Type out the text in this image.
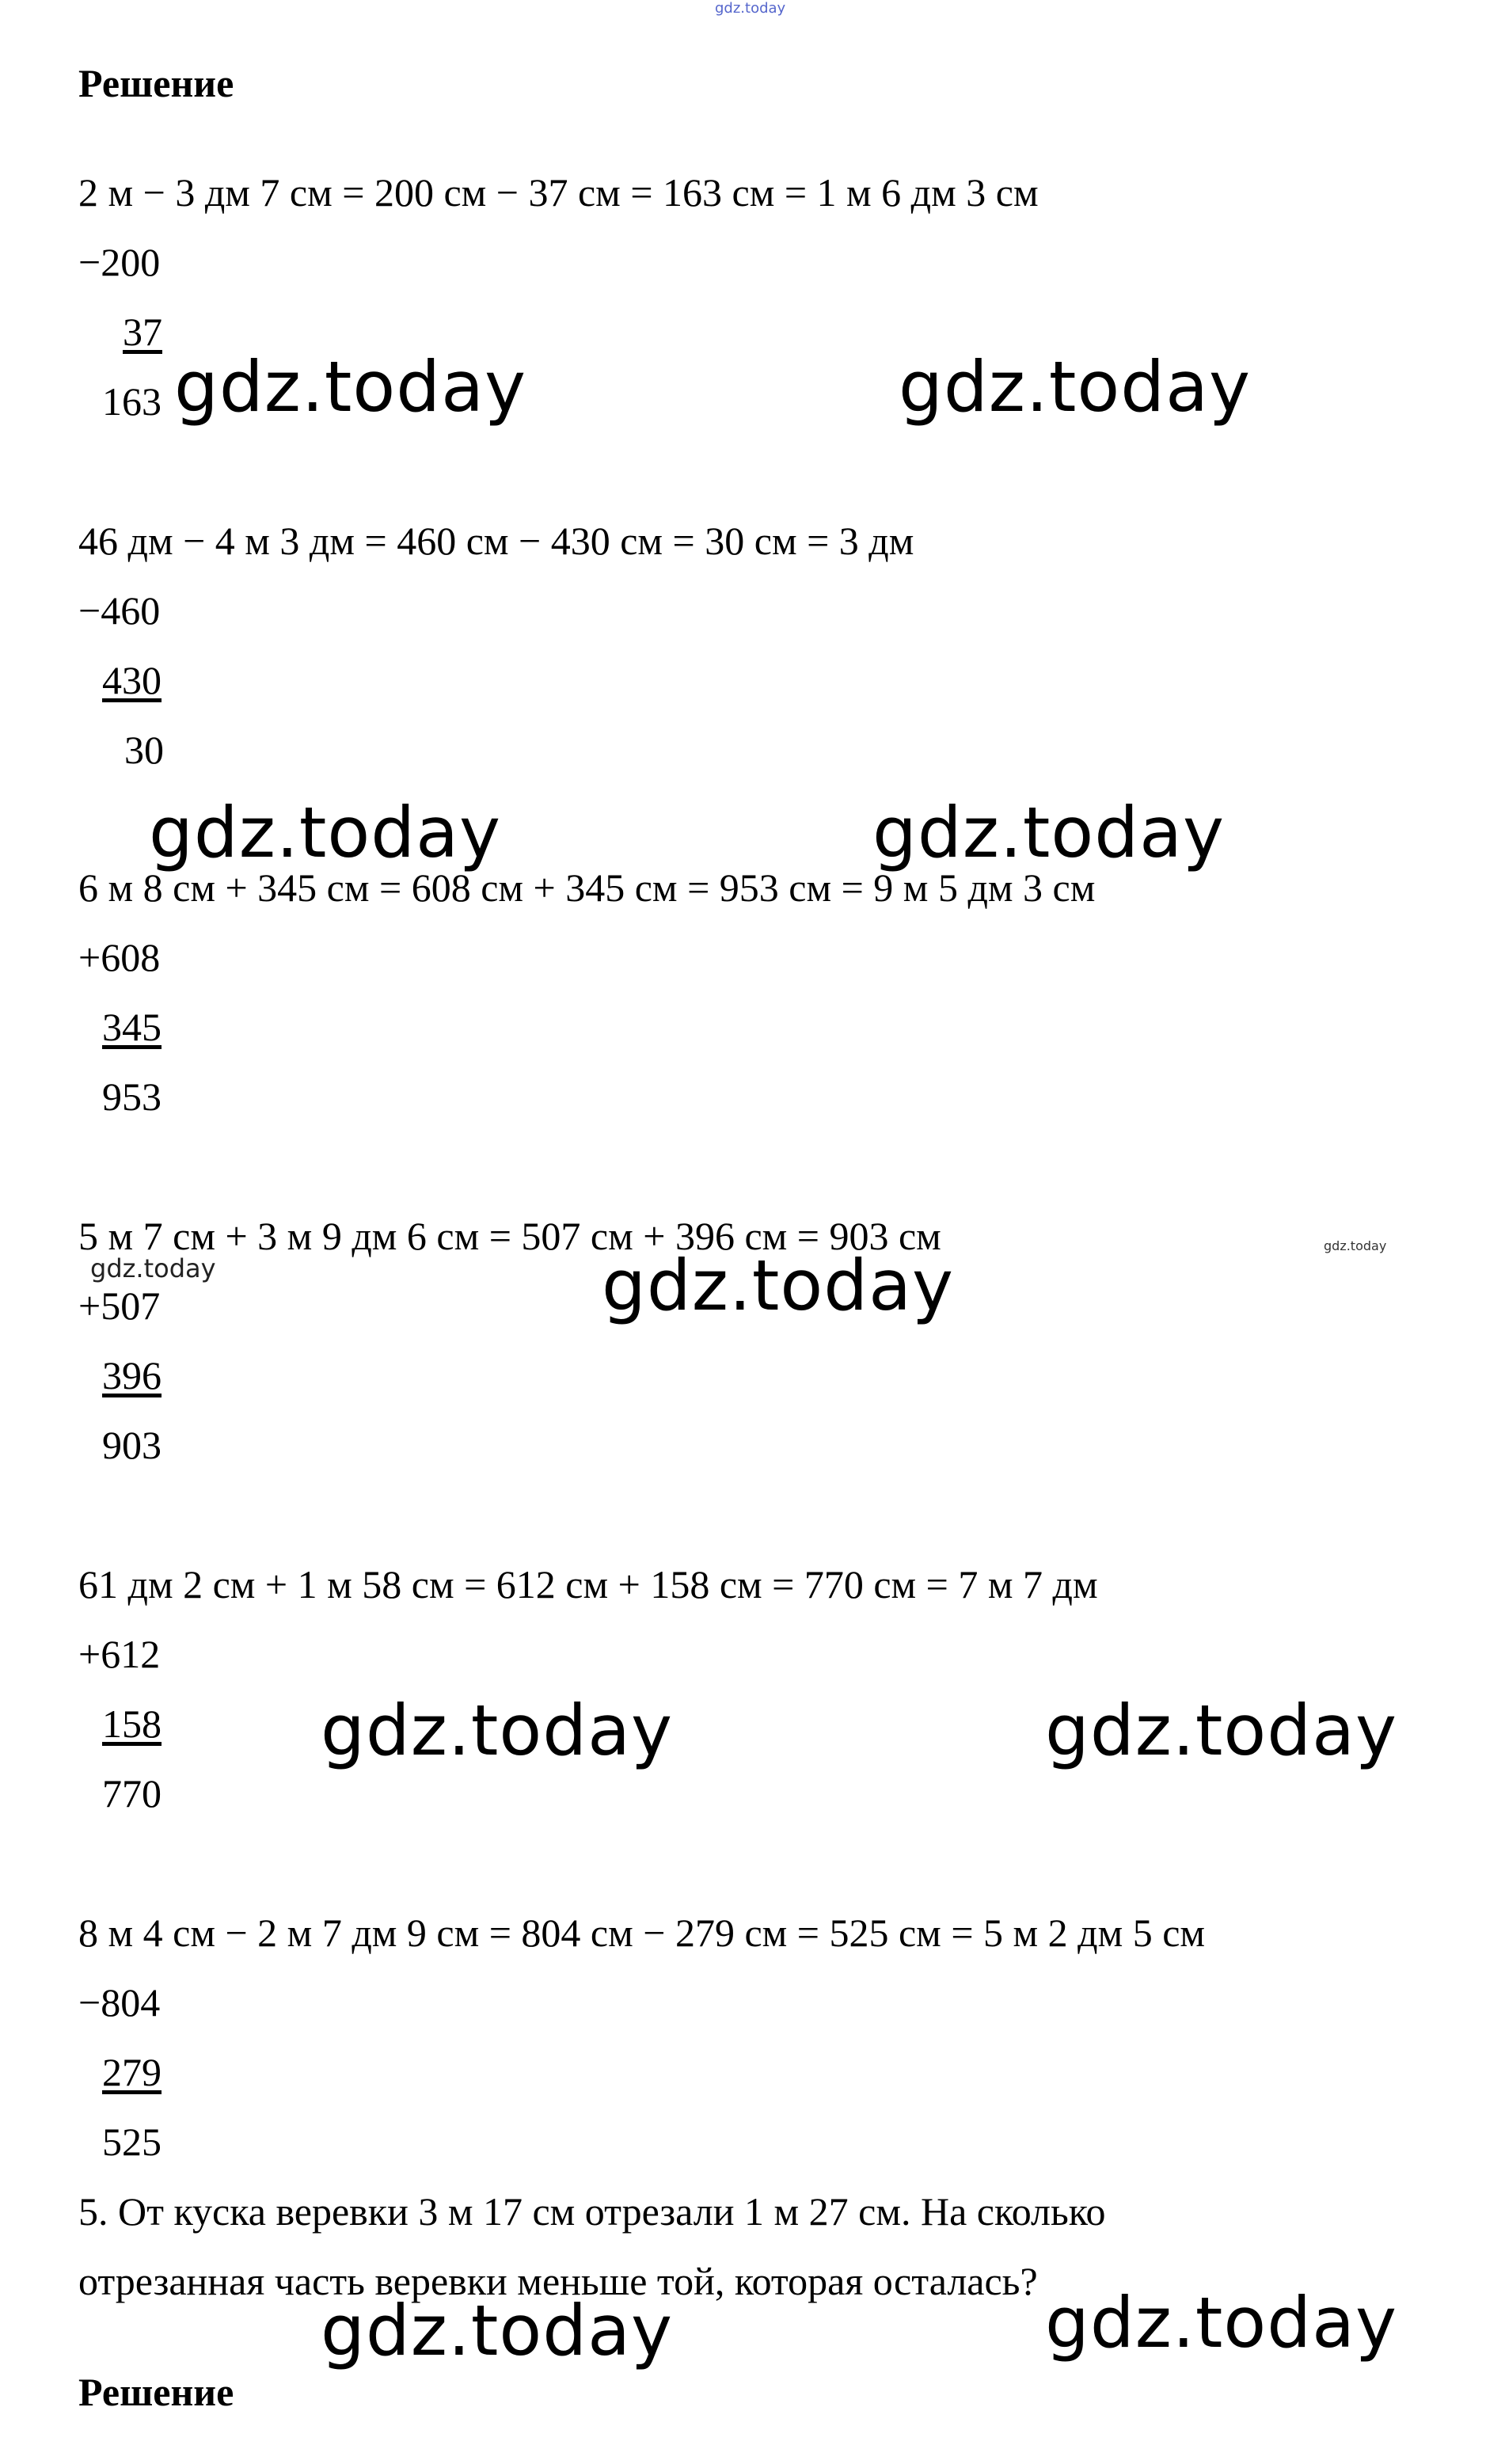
gdz.today
Решение
2 м − 3 дм 7 см = 200 см − 37 см = 163 см = 1 м 6 дм 3 см
−200
37
163 gdz.today	gdz.today
46 дм − 4 м 3 дм = 460 см − 430 см = 30 см = 3 дм
−460
430
30
gdz.today	gdz.today
6 м 8 см + 345 см = 608 см + 345 см = 953 см = 9 м 5 дм 3 см
+608
345
953
5 м 7 см + 3 м 9 дм 6 см = 507 см + 396 см = 903 см
gdz.today
gdz.today
gdz.today
+507
396
903
61 дм 2 см + 1 м 58 см = 612 см + 158 см = 770 см = 7 м 7 дм
+612
158
770
gdz.today	gdz.today
8 м 4 см − 2 м 7 дм 9 см = 804 см − 279 см = 525 см = 5 м 2 дм 5 см
−804
279
525
5. От куска веревки 3 м 17 см отрезали 1 м 27 см. На сколько
отрезанная часть веревки меньше той, которая осталась?
gdz.today	gdz.today
Решение
